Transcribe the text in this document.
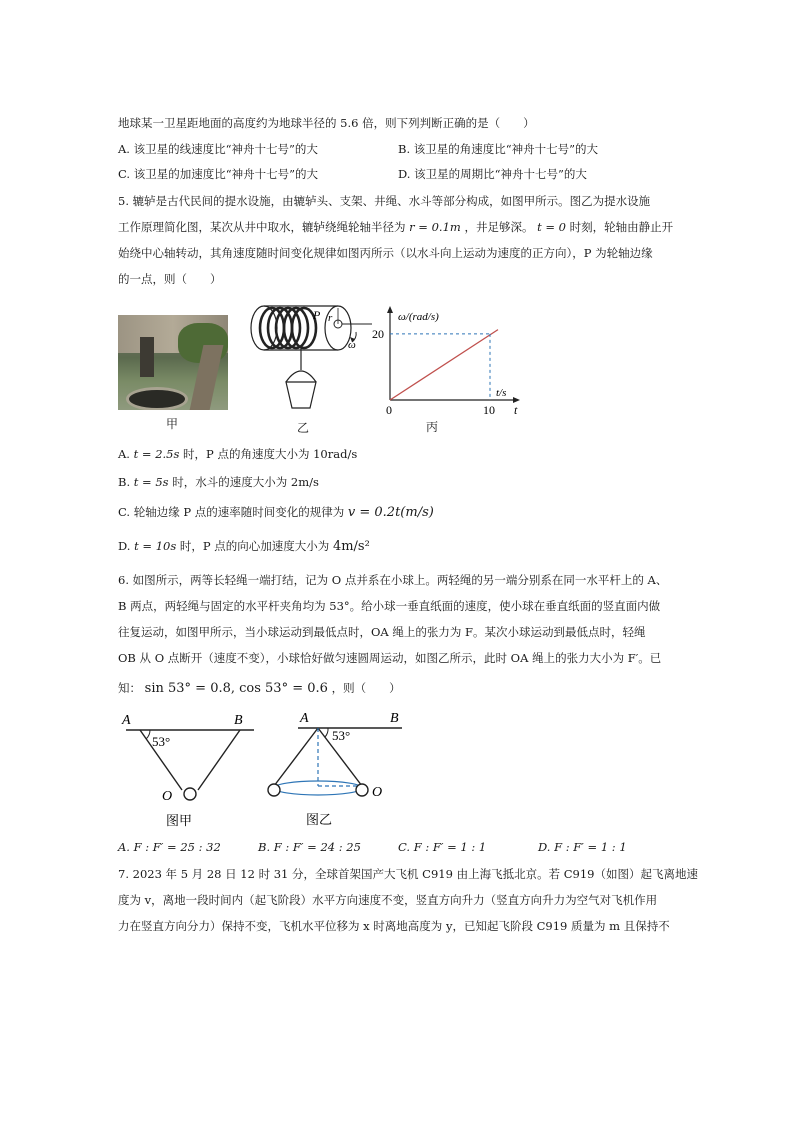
地球某一卫星距地面的高度约为地球半径的 5.6 倍，则下列判断正确的是（　　）
A. 该卫星的线速度比“神舟十七号”的大	B. 该卫星的角速度比“神舟十七号”的大
C. 该卫星的加速度比“神舟十七号”的大	D. 该卫星的周期比“神舟十七号”的大
5. 辘轳是古代民间的提水设施，由辘轳头、支架、井绳、水斗等部分构成，如图甲所示。图乙为提水设施
工作原理简化图，某次从井中取水，辘轳绕绳轮轴半径为 r = 0.1m ，井足够深。 t = 0 时刻，轮轴由静止开
始绕中心轴转动，其角速度随时间变化规律如图丙所示（以水斗向上运动为速度的正方向），P 为轮轴边缘
的一点，则（　　）
甲
P r
ω
乙
10
20
0
ω/(rad/s)
t/s
t
丙
A. t = 2.5s 时，P 点的角速度大小为 10rad/s
B. t = 5s 时，水斗的速度大小为 2m/s
C. 轮轴边缘 P 点的速率随时间变化的规律为 v = 0.2t(m/s)
D. t = 10s 时，P 点的向心加速度大小为 4m/s²
6. 如图所示，两等长轻绳一端打结，记为 O 点并系在小球上。两轻绳的另一端分别系在同一水平杆上的 A、
B 两点，两轻绳与固定的水平杆夹角均为 53°。给小球一垂直纸面的速度，使小球在垂直纸面的竖直面内做
往复运动，如图甲所示，当小球运动到最低点时，OA 绳上的张力为 F。某次小球运动到最低点时，轻绳
OB 从 O 点断开（速度不变），小球恰好做匀速圆周运动，如图乙所示，此时 OA 绳上的张力大小为 F′。已
知： sin 53° = 0.8, cos 53° = 0.6 ，则（　　）
A	B
53°
O
图甲
A	B
53°
O
图乙
A. F : F′ = 25 : 32	B. F : F′ = 24 : 25	C. F : F′ = 1 : 1	D. F : F′ = 1 : 1
7. 2023 年 5 月 28 日 12 时 31 分，全球首架国产大飞机 C919 由上海飞抵北京。若 C919（如图）起飞离地速
度为 v，离地一段时间内（起飞阶段）水平方向速度不变，竖直方向升力（竖直方向升力为空气对飞机作用
力在竖直方向分力）保持不变，飞机水平位移为 x 时离地高度为 y，已知起飞阶段 C919 质量为 m 且保持不
